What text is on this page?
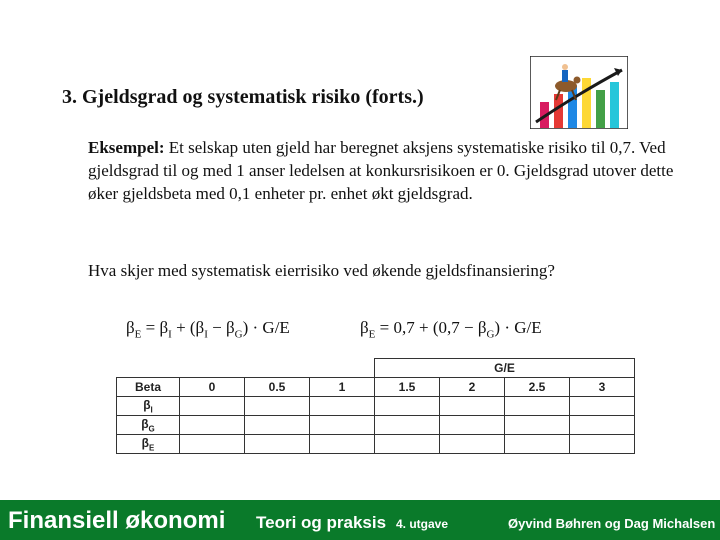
3. Gjeldsgrad og systematisk risiko (forts.)
Eksempel: Et selskap uten gjeld har beregnet aksjens systematiske risiko til 0,7. Ved gjeldsgrad til og med 1 anser ledelsen at konkursrisikoen er 0. Gjeldsgrad utover dette øker gjeldsbeta med 0,1 enheter pr. enhet økt gjeldsgrad.
Hva skjer med systematisk eierrisiko ved økende gjeldsfinansiering?
$\beta_E = \beta_I + (\beta_I - \beta_G) \cdot G/E$	$\beta_E = 0,7 + (0,7 - \beta_G) \cdot G/E$
				G/E			
Beta	0	0.5	1	1.5	2	2.5	3
$\beta_I$							
$\beta_G$							
$\beta_E$							
Finansiell økonomi Teori og praksis 4. utgave	Øyvind Bøhren og Dag Michalsen
